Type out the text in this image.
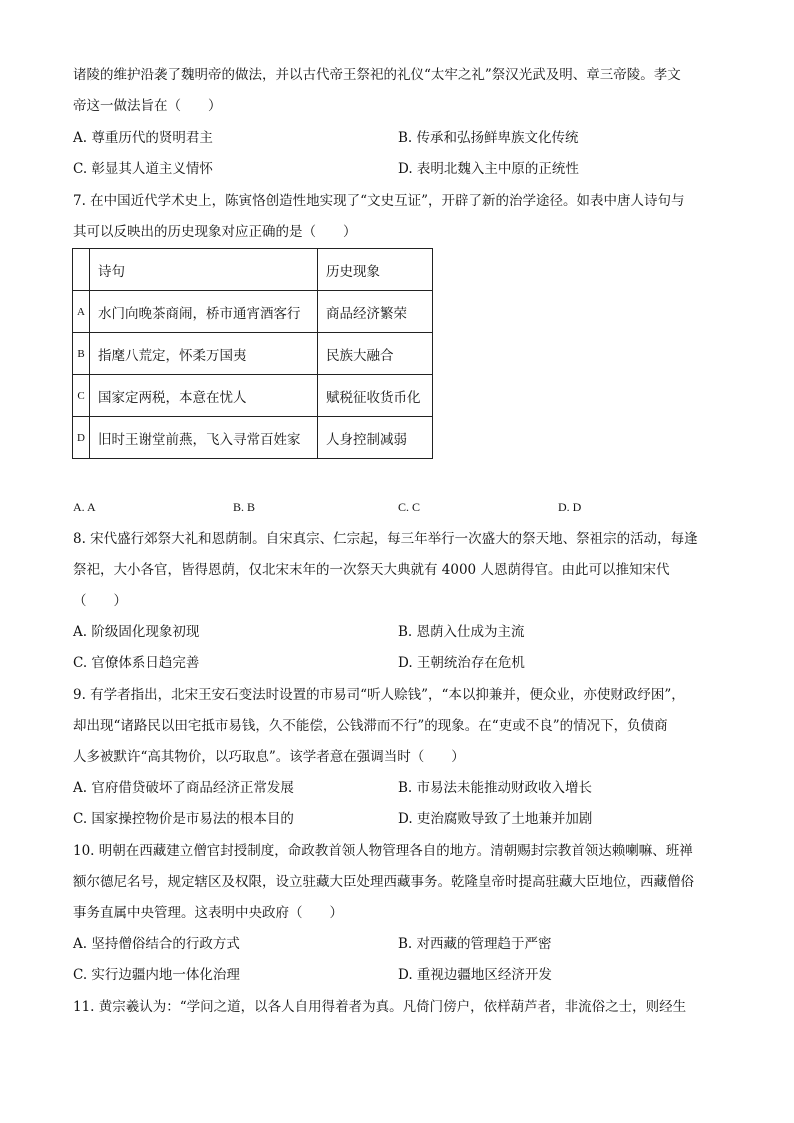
诸陵的维护沿袭了魏明帝的做法，并以古代帝王祭祀的礼仪“太牢之礼”祭汉光武及明、章三帝陵。孝文
帝这一做法旨在（　　）
A. 尊重历代的贤明君主	B. 传承和弘扬鲜卑族文化传统
C. 彰显其人道主义情怀	D. 表明北魏入主中原的正统性
7. 在中国近代学术史上，陈寅恪创造性地实现了“文史互证”，开辟了新的治学途径。如表中唐人诗句与
其可以反映出的历史现象对应正确的是（　　）
	诗句	历史现象
A	水门向晚茶商闹，桥市通宵酒客行	商品经济繁荣
B	指麾八荒定，怀柔万国夷	民族大融合
C	国家定两税，本意在忧人	赋税征收货币化
D	旧时王谢堂前燕，飞入寻常百姓家	人身控制减弱
A. A	B. B	C. C	D. D
8. 宋代盛行郊祭大礼和恩荫制。自宋真宗、仁宗起，每三年举行一次盛大的祭天地、祭祖宗的活动，每逢
祭祀，大小各官，皆得恩荫，仅北宋末年的一次祭天大典就有 4000 人恩荫得官。由此可以推知宋代
（　　）
A. 阶级固化现象初现	B. 恩荫入仕成为主流
C. 官僚体系日趋完善	D. 王朝统治存在危机
9. 有学者指出，北宋王安石变法时设置的市易司“听人赊钱”，“本以抑兼并，便众业，亦使财政纾困”，
却出现“诸路民以田宅抵市易钱，久不能偿，公钱滞而不行”的现象。在“吏或不良”的情况下，负债商
人多被默许“高其物价，以巧取息”。该学者意在强调当时（　　）
A. 官府借贷破坏了商品经济正常发展	B. 市易法未能推动财政收入增长
C. 国家操控物价是市易法的根本目的	D. 吏治腐败导致了土地兼并加剧
10. 明朝在西藏建立僧官封授制度，命政教首领人物管理各自的地方。清朝赐封宗教首领达赖喇嘛、班禅
额尔德尼名号，规定辖区及权限，设立驻藏大臣处理西藏事务。乾隆皇帝时提高驻藏大臣地位，西藏僧俗
事务直属中央管理。这表明中央政府（　　）
A. 坚持僧俗结合的行政方式	B. 对西藏的管理趋于严密
C. 实行边疆内地一体化治理	D. 重视边疆地区经济开发
11. 黄宗羲认为：“学问之道，以各人自用得着者为真。凡倚门傍户，依样葫芦者，非流俗之士，则经生
